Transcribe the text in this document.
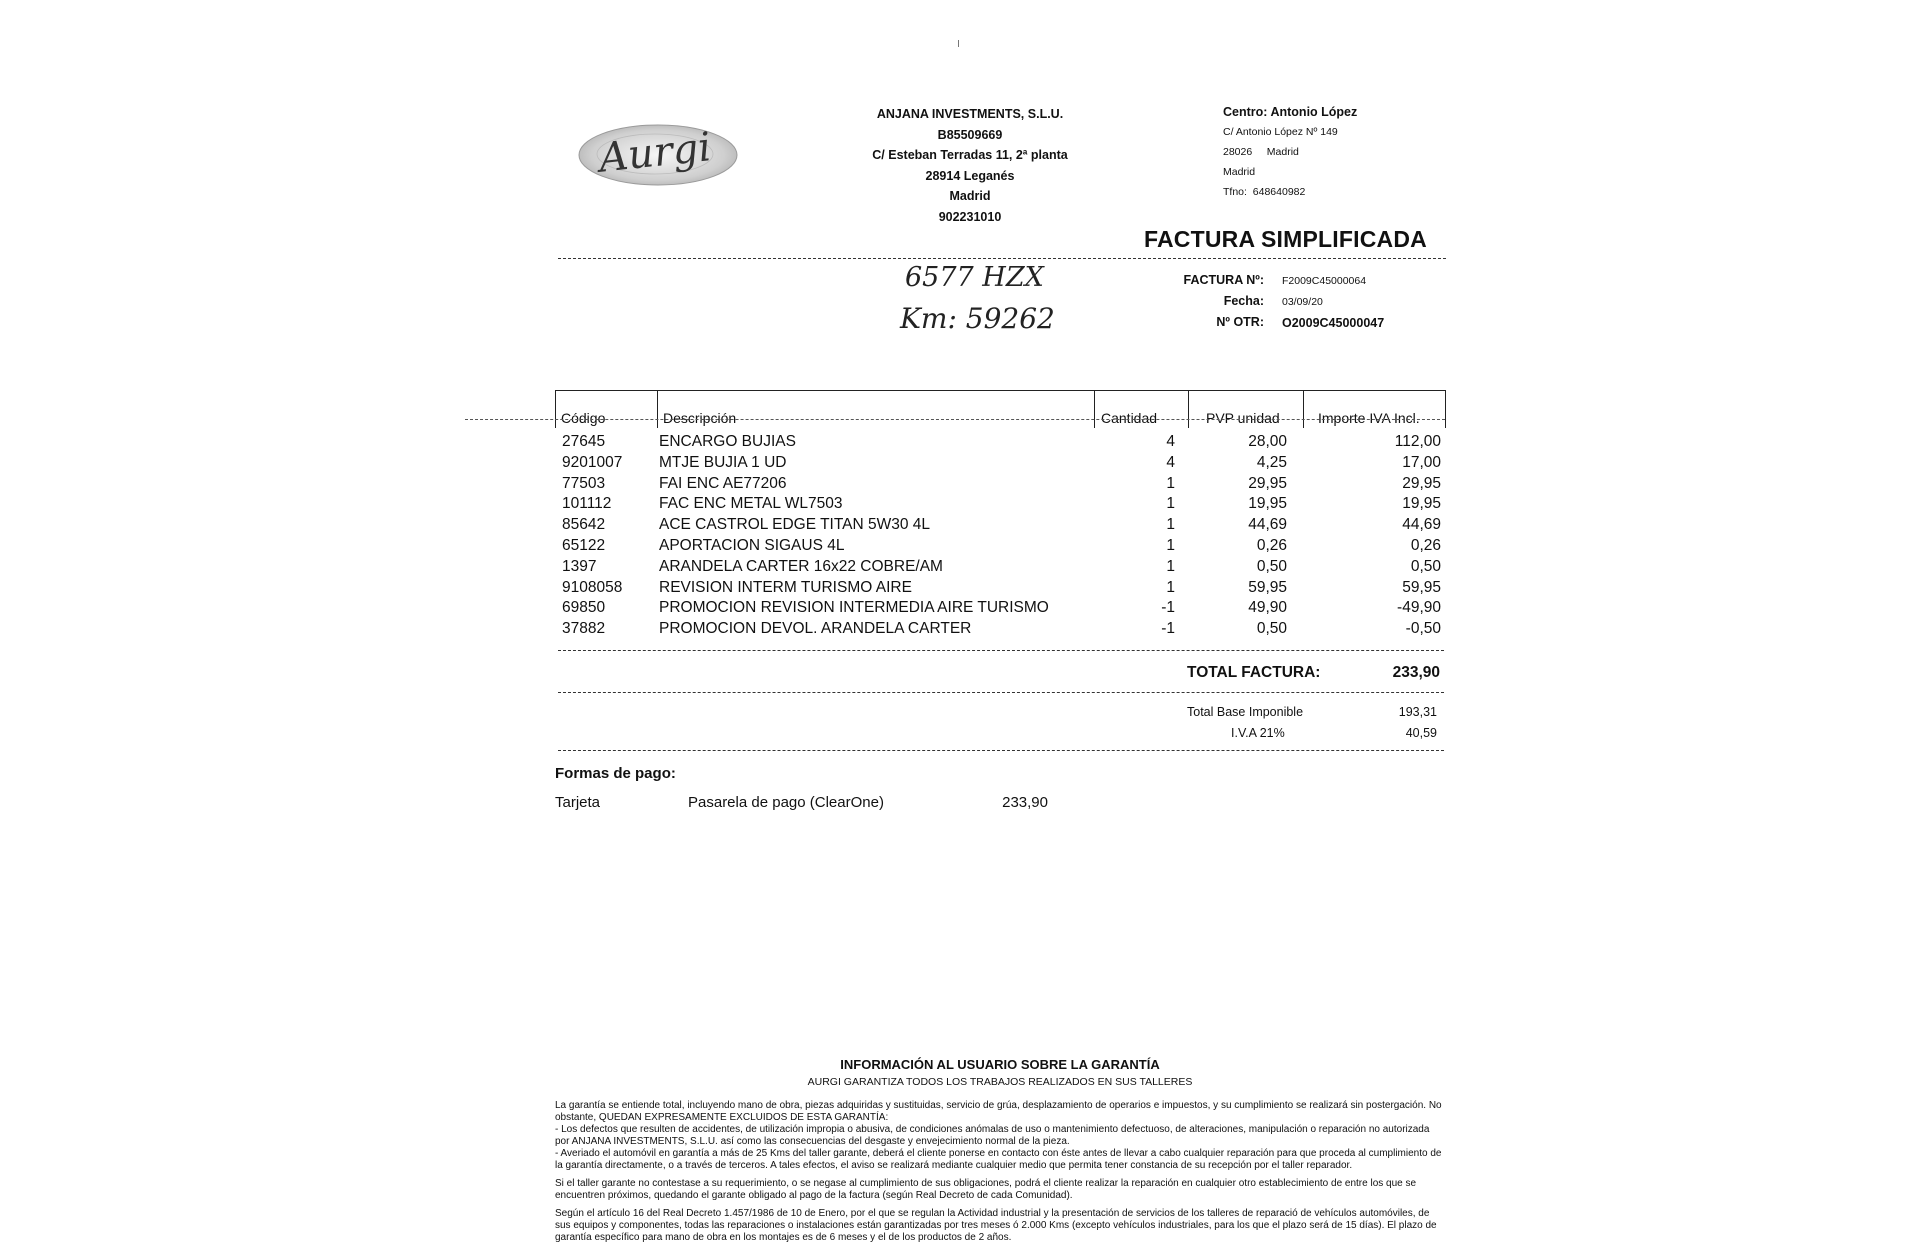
Aurgi
ANJANA INVESTMENTS, S.L.U.
B85509669
C/ Esteban Terradas 11, 2ª planta
28914 Leganés
Madrid
902231010
Centro: Antonio López
C/ Antonio López Nº 149
28026 Madrid
Madrid
Tfno: 648640982
FACTURA SIMPLIFICADA
6577 HZX
Km: 59262
FACTURA Nº: F2009C45000064
Fecha: 03/09/20
Nº OTR: O2009C45000047
Código	Descripción	Cantidad	PVP unidad	Importe IVA Incl.
27645	ENCARGO BUJIAS	4	28,00	112,00
9201007 MTJE BUJIA 1 UD	4	4,25	17,00
77503	FAI ENC AE77206	1	29,95	29,95
101112	FAC ENC METAL WL7503	1	19,95	19,95
85642	ACE CASTROL EDGE TITAN 5W30 4L	1	44,69	44,69
65122	APORTACION SIGAUS 4L	1	0,26	0,26
1397	ARANDELA CARTER 16x22 COBRE/AM	1	0,50	0,50
9108058 REVISION INTERM TURISMO AIRE	1	59,95	59,95
69850	PROMOCION REVISION INTERMEDIA AIRE TURISMO	-1	49,90	-49,90
37882	PROMOCION DEVOL. ARANDELA CARTER	-1	0,50	-0,50
TOTAL FACTURA:	233,90
Total Base Imponible	193,31
I.V.A 21%	40,59
Formas de pago:
Tarjeta	Pasarela de pago (ClearOne)	233,90
INFORMACIÓN AL USUARIO SOBRE LA GARANTÍA
AURGI GARANTIZA TODOS LOS TRABAJOS REALIZADOS EN SUS TALLERES

La garantía se entiende total, incluyendo mano de obra, piezas adquiridas y sustituidas, servicio de grúa, desplazamiento de operarios e impuestos, y su cumplimiento se realizará sin postergación. No obstante, QUEDAN EXPRESAMENTE EXCLUIDOS DE ESTA GARANTÍA:

- Los defectos que resulten de accidentes, de utilización impropia o abusiva, de condiciones anómalas de uso o mantenimiento defectuoso, de alteraciones, manipulación o reparación no autorizada por ANJANA INVESTMENTS, S.L.U. así como las consecuencias del desgaste y envejecimiento normal de la pieza.

- Averiado el automóvil en garantía a más de 25 Kms del taller garante, deberá el cliente ponerse en contacto con éste antes de llevar a cabo cualquier reparación para que proceda al cumplimiento de la garantía directamente, o a través de terceros. A tales efectos, el aviso se realizará mediante cualquier medio que permita tener constancia de su recepción por el taller reparador.

Si el taller garante no contestase a su requerimiento, o se negase al cumplimiento de sus obligaciones, podrá el cliente realizar la reparación en cualquier otro establecimiento de entre los que se encuentren próximos, quedando el garante obligado al pago de la factura (según Real Decreto de cada Comunidad).

Según el artículo 16 del Real Decreto 1.457/1986 de 10 de Enero, por el que se regulan la Actividad industrial y la presentación de servicios de los talleres de reparació de vehículos automóviles, de sus equipos y componentes, todas las reparaciones o instalaciones están garantizadas por tres meses ó 2.000 Kms (excepto vehículos industriales, para los que el plazo será de 15 días). El plazo de garantía específico para mano de obra en los montajes es de 6 meses y el de los productos de 2 años.
